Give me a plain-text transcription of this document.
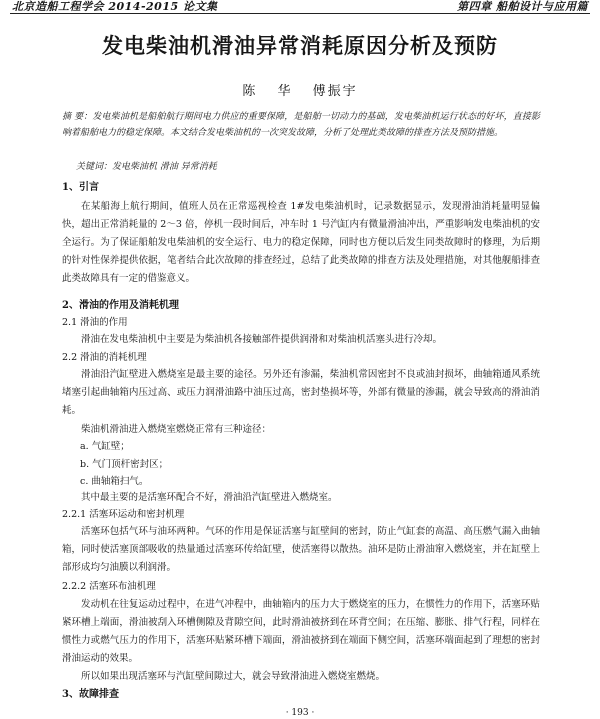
北京造船工程学会 2014-2015 论文集	第四章 船舶设计与应用篇
发电柴油机滑油异常消耗原因分析及预防
陈 华 傅振宇
摘 要：发电柴油机是船舶航行期间电力供应的重要保障，是船舶一切动力的基础，发电柴油机运行状态的好坏，直接影响着船舶电力的稳定保障。本文结合发电柴油机的一次突发故障，分析了处理此类故障的排查方法及预防措施。
关键词：发电柴油机 滑油 异常消耗
1、引言

在某船海上航行期间，值班人员在正常巡视检查 1#发电柴油机时，记录数据显示，发现滑油消耗量明显偏快，超出正常消耗量的 2～3 倍，停机一段时间后，冲车时 1 号汽缸内有微量滑油冲出，严重影响发电柴油机的安全运行。为了保证船舶发电柴油机的安全运行、电力的稳定保障，同时也方便以后发生同类故障时的修理，为后期的针对性保养提供依据，笔者结合此次故障的排查经过，总结了此类故障的排查方法及处理措施，对其他舰船排查此类故障具有一定的借鉴意义。

2、滑油的作用及消耗机理
2.1 滑油的作用

滑油在发电柴油机中主要是为柴油机各接触部件提供润滑和对柴油机活塞头进行冷却。

2.2 滑油的消耗机理

滑油沿汽缸壁进入燃烧室是最主要的途径。另外还有渗漏，柴油机常因密封不良或油封损坏，曲轴箱通风系统堵塞引起曲轴箱内压过高、或压力润滑油路中油压过高，密封垫损坏等，外部有微量的渗漏，就会导致高的滑油消耗。

柴油机滑油进入燃烧室燃烧正常有三种途径：

a. 气缸壁；
b. 气门顶杆密封区；
c. 曲轴箱扫气。

其中最主要的是活塞环配合不好，滑油沿汽缸壁进入燃烧室。

2.2.1 活塞环运动和密封机理

活塞环包括气环与油环两种。气环的作用是保证活塞与缸壁间的密封，防止气缸套的高温、高压燃气漏入曲轴箱，同时使活塞顶部吸收的热量通过活塞环传给缸壁，使活塞得以散热。油环是防止滑油窜入燃烧室，并在缸壁上部形成均匀油膜以利润滑。

2.2.2 活塞环布油机理

发动机在往复运动过程中，在进气冲程中，曲轴箱内的压力大于燃烧室的压力，在惯性力的作用下，活塞环贴紧环槽上端面，滑油被刮入环槽侧隙及背隙空间，此时滑油被挤到在环背空间；在压缩、膨胀、排气行程，同样在惯性力或燃气压力的作用下，活塞环贴紧环槽下端面，滑油被挤到在端面下侧空间，活塞环端面起到了理想的密封滑油运动的效果。

所以如果出现活塞环与汽缸壁间隙过大，就会导致滑油进入燃烧室燃烧。

3、故障排查
· 193 ·
